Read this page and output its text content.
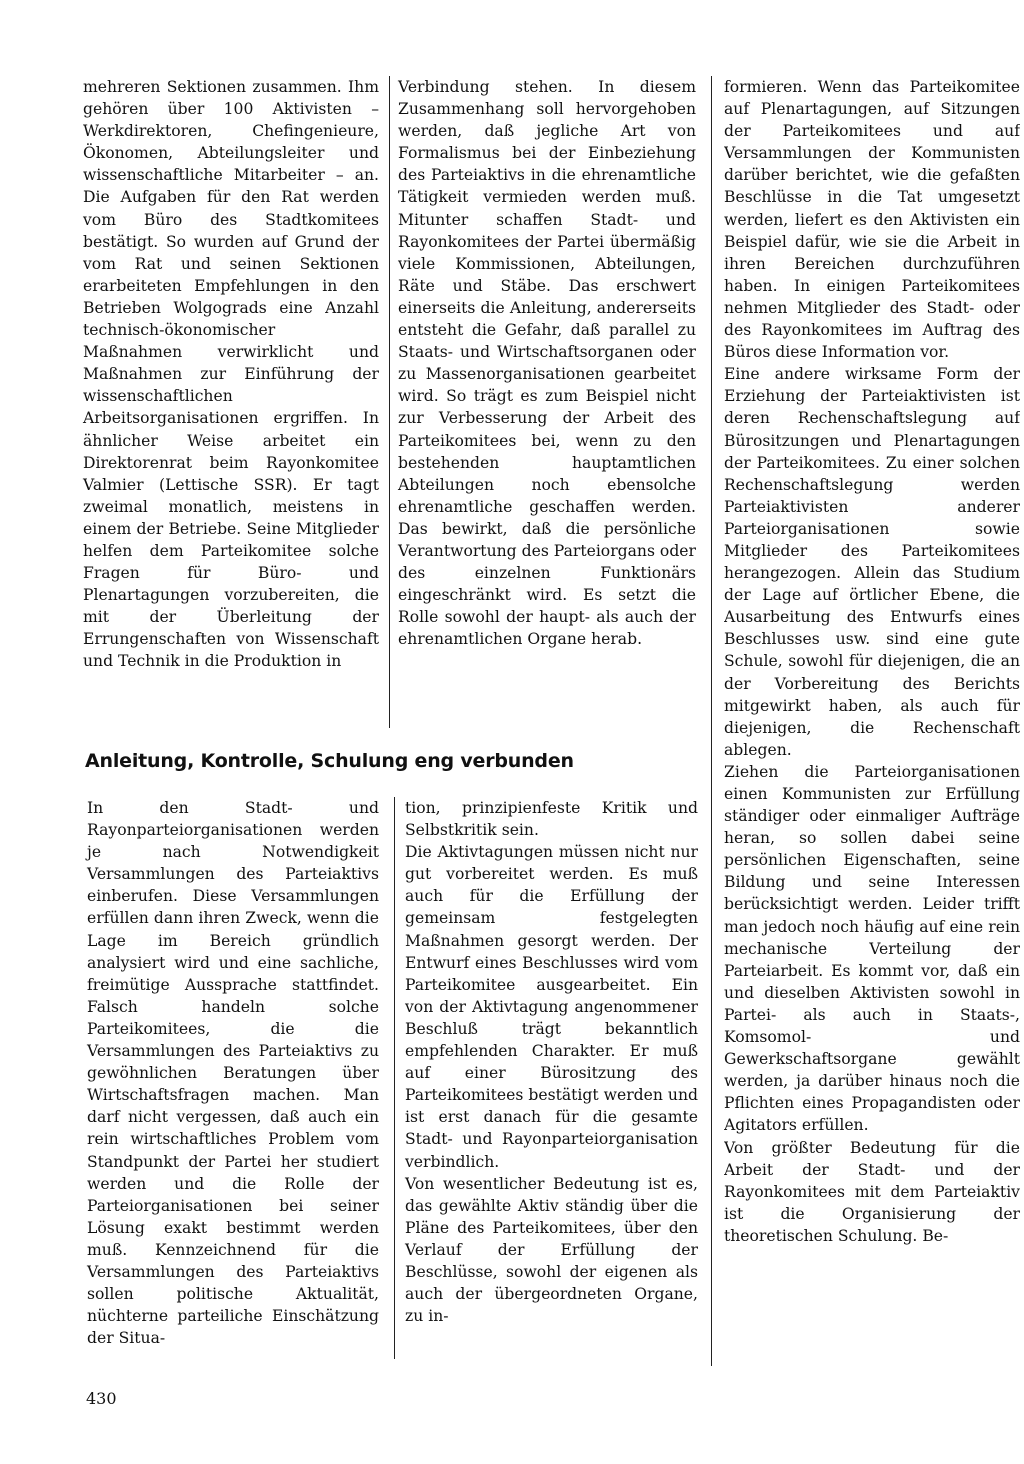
mehreren Sektionen zusammen. Ihm gehören über 100 Aktivisten – Werkdirektoren, Chefingenieure, Ökonomen, Abteilungsleiter und wissenschaftliche Mitarbeiter – an. Die Aufgaben für den Rat werden vom Büro des Stadtkomitees bestätigt. So wurden auf Grund der vom Rat und seinen Sektionen erarbeiteten Empfehlungen in den Betrieben Wolgograds eine Anzahl technisch-ökonomischer Maßnahmen verwirklicht und Maßnahmen zur Einführung der wissenschaftlichen Arbeitsorganisationen ergriffen. In ähnlicher Weise arbeitet ein Direktorenrat beim Rayonkomitee Valmier (Lettische SSR). Er tagt zweimal monatlich, meistens in einem der Betriebe. Seine Mitglieder helfen dem Parteikomitee solche Fragen für Büro- und Plenartagungen vorzubereiten, die mit der Überleitung der Errungenschaften von Wissenschaft und Technik in die Produktion in

Verbindung stehen. In diesem Zusammenhang soll hervorgehoben werden, daß jegliche Art von Formalismus bei der Einbeziehung des Parteiaktivs in die ehrenamtliche Tätigkeit vermieden werden muß. Mitunter schaffen Stadt- und Rayonkomitees der Partei übermäßig viele Kommissionen, Abteilungen, Räte und Stäbe. Das erschwert einerseits die Anleitung, andererseits entsteht die Gefahr, daß parallel zu Staats- und Wirtschaftsorganen oder zu Massenorganisationen gearbeitet wird. So trägt es zum Beispiel nicht zur Verbesserung der Arbeit des Parteikomitees bei, wenn zu den bestehenden hauptamtlichen Abteilungen noch ebensolche ehrenamtliche geschaffen werden. Das bewirkt, daß die persönliche Verantwortung des Parteiorgans oder des einzelnen Funktionärs eingeschränkt wird. Es setzt die Rolle sowohl der haupt- als auch der ehrenamtlichen Organe herab.

formieren. Wenn das Parteikomitee auf Plenartagungen, auf Sitzungen der Parteikomitees und auf Versammlungen der Kommunisten darüber berichtet, wie die gefaßten Beschlüsse in die Tat umgesetzt werden, liefert es den Aktivisten ein Beispiel dafür, wie sie die Arbeit in ihren Bereichen durchzuführen haben. In einigen Parteikomitees nehmen Mitglieder des Stadt- oder des Rayonkomitees im Auftrag des Büros diese Information vor.

Eine andere wirksame Form der Erziehung der Parteiaktivisten ist deren Rechenschaftslegung auf Bürositzungen und Plenartagungen der Parteikomitees. Zu einer solchen Rechenschaftslegung werden Parteiaktivisten anderer Parteiorganisationen sowie Mitglieder des Parteikomitees herangezogen. Allein das Studium der Lage auf örtlicher Ebene, die Ausarbeitung des Entwurfs eines Beschlusses usw. sind eine gute Schule, sowohl für diejenigen, die an der Vorbereitung des Berichts mitgewirkt haben, als auch für diejenigen, die Rechenschaft ablegen.

Ziehen die Parteiorganisationen einen Kommunisten zur Erfüllung ständiger oder einmaliger Aufträge heran, so sollen dabei seine persönlichen Eigenschaften, seine Bildung und seine Interessen berücksichtigt werden. Leider trifft man jedoch noch häufig auf eine rein mechanische Verteilung der Parteiarbeit. Es kommt vor, daß ein und dieselben Aktivisten sowohl in Partei- als auch in Staats-, Komsomol- und Gewerkschaftsorgane gewählt werden, ja darüber hinaus noch die Pflichten eines Propagandisten oder Agitators erfüllen.

Von größter Bedeutung für die Arbeit der Stadt- und der Rayonkomitees mit dem Parteiaktiv ist die Organisierung der theoretischen Schulung. Be-

Anleitung, Kontrolle, Schulung eng verbunden

In den Stadt- und Rayonparteiorganisationen werden je nach Notwendigkeit Versammlungen des Parteiaktivs einberufen. Diese Versammlungen erfüllen dann ihren Zweck, wenn die Lage im Bereich gründlich analysiert wird und eine sachliche, freimütige Aussprache stattfindet. Falsch handeln solche Parteikomitees, die die Versammlungen des Parteiaktivs zu gewöhnlichen Beratungen über Wirtschaftsfragen machen. Man darf nicht vergessen, daß auch ein rein wirtschaftliches Problem vom Standpunkt der Partei her studiert werden und die Rolle der Parteiorganisationen bei seiner Lösung exakt bestimmt werden muß. Kennzeichnend für die Versammlungen des Parteiaktivs sollen politische Aktualität, nüchterne parteiliche Einschätzung der Situa-

tion, prinzipienfeste Kritik und Selbstkritik sein.

Die Aktivtagungen müssen nicht nur gut vorbereitet werden. Es muß auch für die Erfüllung der gemeinsam festgelegten Maßnahmen gesorgt werden. Der Entwurf eines Beschlusses wird vom Parteikomitee ausgearbeitet. Ein von der Aktivtagung angenommener Beschluß trägt bekanntlich empfehlenden Charakter. Er muß auf einer Bürositzung des Parteikomitees bestätigt werden und ist erst danach für die gesamte Stadt- und Rayonparteiorganisation verbindlich.

Von wesentlicher Bedeutung ist es, das gewählte Aktiv ständig über die Pläne des Parteikomitees, über den Verlauf der Erfüllung der Beschlüsse, sowohl der eigenen als auch der übergeordneten Organe, zu in-

430
